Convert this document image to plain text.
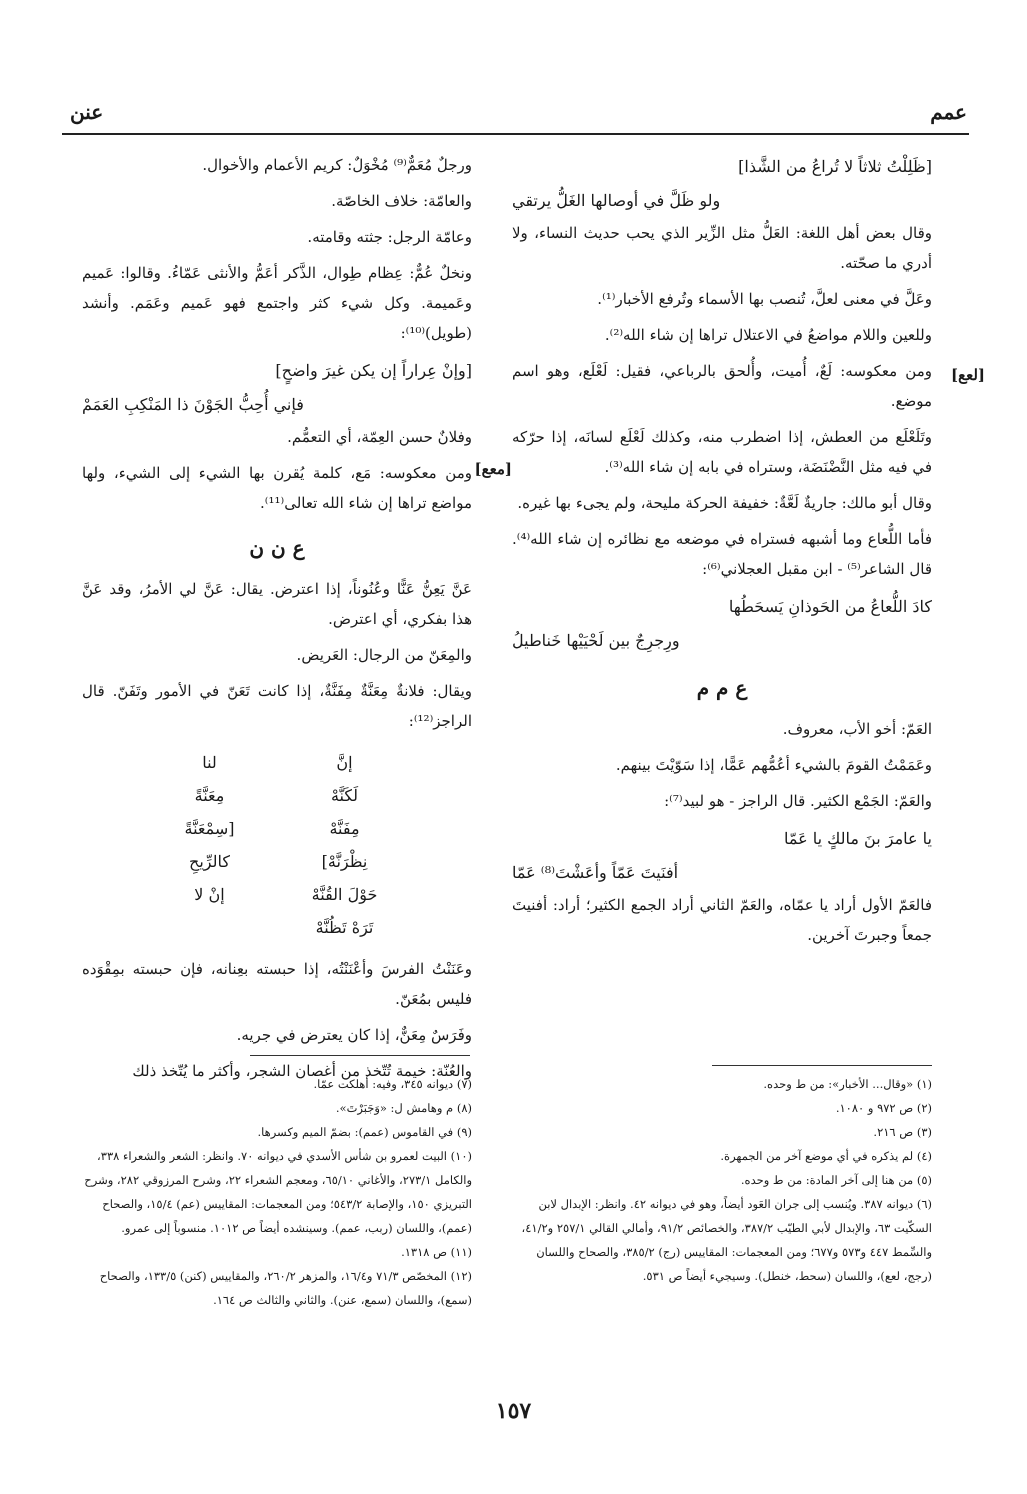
عمم
عنن
[لعع]
[معع]
[ظَلِلْتُ ثلاثاً لا تُراعُ من الشَّذا]
ولو ظَلَّ في أوصالها الغَلُّ يرتقي

وقال بعض أهل اللغة: العَلُّ مثل الزِّير الذي يحب حديث النساء، ولا أدري ما صحّته.

وعَلَّ في معنى لعلَّ، تُنصب بها الأسماء وتُرفع الأخبار⁽¹⁾.

وللعين واللام مواضعُ في الاعتلال تراها إن شاء الله⁽²⁾.

ومن معكوسه: لَعٌ، أُميت، وأُلحق بالرباعي، فقيل: لَعْلَع، وهو اسم موضع.

وتَلَعْلَع من العطش، إذا اضطرب منه، وكذلك لَعْلَع لسانَه، إذا حرّكه في فيه مثل النَّضْنَضَة، وستراه في بابه إن شاء الله⁽³⁾.

وقال أبو مالك: جاريةٌ لَعَّةٌ: خفيفة الحركة مليحة، ولم يجىء بها غيره.

فأما اللُّعاع وما أشبهه فستراه في موضعه مع نظائره إن شاء الله⁽⁴⁾. قال الشاعر⁽⁵⁾ - ابن مقبل العجلاني⁽⁶⁾:

كادَ اللُّعاعُ من الحَوذانِ يَسحَطُها
ورِجرِجٌ بين لَحْيَيْها خَناطيلُ
ع م م

العَمّ: أخو الأب، معروف.

وعَمَمْتُ القومَ بالشيء أعُمُّهم عَمًّا، إذا سَوّيْتَ بينهم.

والعَمّ: الجَمْع الكثير. قال الراجز - هو لبيد⁽⁷⁾:

يا عامرَ بنَ مالكٍ يا عَمّا
أفنَيتَ عَمّاً وأعَشْتَ⁽⁸⁾ عَمّا

فالعَمّ الأول أراد يا عمّاه، والعَمّ الثاني أراد الجمع الكثير؛ أراد: أفنيتَ جمعاً وجبرتَ آخرين.

ورجلٌ مُعَمٌّ⁽⁹⁾ مُخْوَلٌ: كريم الأعمام والأخوال.

والعامّة: خلاف الخاصّة.

وعامّة الرجل: جثته وقامته.

ونخلٌ عُمٌّ: عِظام طِوال، الذَّكر أعَمُّ والأنثى عَمّاءُ. وقالوا: عَميم وعَميمة. وكل شيء كثر واجتمع فهو عَميم وعَمَم. وأنشد (طويل)⁽¹⁰⁾:

[وإنْ عِراراً إن يكن غيرَ واضحٍ]
فإني أُحِبُّ الجَوْنَ ذا المَنْكِبِ العَمَمْ

وفلانٌ حسن العِمّة، أي التعمُّم.

ومن معكوسه: مَع، كلمة يُقرن بها الشيء إلى الشيء، ولها مواضع تراها إن شاء الله تعالى⁽¹¹⁾.

ع ن ن

عَنَّ يَعِنُّ عَنًّا وعُنُوناً، إذا اعترض. يقال: عَنَّ لي الأمرُ، وقد عَنَّ هذا بفكري، أي اعترض.

والمِعَنّ من الرجال: العَريض.

ويقال: فلانةٌ مِعَنَّةٌ مِفَنَّةٌ، إذا كانت تَعَنّ في الأمور وتَفَنّ. قال الراجز⁽¹²⁾:

إنَّ
لنا
لَكَنَّهْ
مِعَنَّةً
مِفَنَّهْ
[سِمْعَنَّةً
نِظْرَنَّهْ]
كالرِّيحِ
حَوْلَ القُنَّهْ
إنْ لا
تَرَهْ تَظُنَّهْ

وعَنَنْتُ الفرسَ وأعْنَنْتُه، إذا حبسته بعِنانه، فإن حبسته بمِقْوَده فليس بمُعَنّ.

وفَرَسٌ مِعَنٌّ، إذا كان يعترض في جريه.

والعُنّة: خيمة تُتّخذ من أغصان الشجر، وأكثر ما يُتّخذ ذلك

(١) «وقال... الأخبار»: من ط وحده.
(٢) ص ٩٧٢ و ١٠٨٠.
(٣) ص ٢١٦.
(٤) لم يذكره في أي موضع آخر من الجمهرة.
(٥) من هنا إلى آخر المادة: من ط وحده.
(٦) ديوانه ٣٨٧. ويُنسب إلى جران العَود أيضاً، وهو في ديوانه ٤٢. وانظر: الإبدال لابن السكّيت ٦٣، والإبدال لأبي الطيّب ٣٨٧/٢، والخصائص ٩١/٢، وأمالي القالي ٢٥٧/١ و٤١/٢، والسِّمط ٤٤٧ و٥٧٣ و٦٧٧؛ ومن المعجمات: المقاييس (رج) ٣٨٥/٢، والصحاح واللسان (رجج، لعع)، واللسان (سحط، خنطل). وسيجيء أيضاً ص ٥٣١.
(٧) ديوانه ٣٤٥، وفيه: أهلكت عمّا.
(٨) م وهامش ل: «وَجَبَرْتَ».
(٩) في القاموس (عمم): بضمّ الميم وكسرها.
(١٠) البيت لعمرو بن شأس الأسدي في ديوانه ٧٠. وانظر: الشعر والشعراء ٣٣٨، والكامل ٢٧٣/١، والأغاني ٦٥/١٠، ومعجم الشعراء ٢٢، وشرح المرزوقي ٢٨٢، وشرح التبريزي ١٥٠، والإصابة ٥٤٣/٢؛ ومن المعجمات: المقاييس (عم) ١٥/٤، والصحاح (عمم)، واللسان (ربب، عمم). وسينشده أيضاً ص ١٠١٢. منسوباً إلى عمرو.
(١١) ص ١٣١٨.
(١٢) المخصّص ٧١/٣ و١٦/٤، والمزهر ٢٦٠/٢، والمقاييس (كنن) ١٣٣/٥، والصحاح (سمع)، واللسان (سمع، عنن). والثاني والثالث ص ١٦٤.
١٥٧
